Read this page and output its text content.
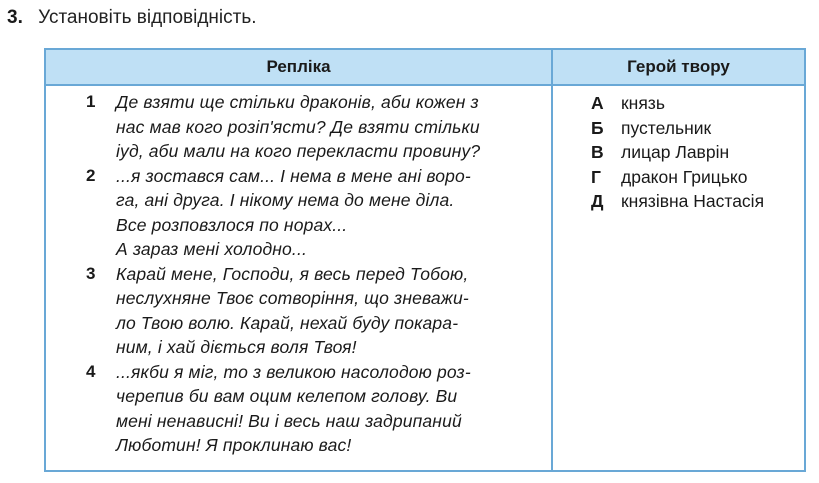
3. Установіть відповідність.
Репліка	Герой твору
1 Де взяти ще стільки драконів, аби кожен з
нас мав кого розіп'ясти? Де взяти стільки
іуд, аби мали на кого перекласти провину?
2 ...я зостався сам... І нема в мене ані воро-
га, ані друга. І нікому нема до мене діла.
Все розповзлося по норах...
А зараз мені холодно...
3 Карай мене, Господи, я весь перед Тобою,
неслухняне Твоє сотворіння, що зневажи-
ло Твою волю. Карай, нехай буду покара-
ним, і хай діється воля Твоя!
4 ...якби я міг, то з великою насолодою роз-
черепив би вам оцим келепом голову. Ви
мені ненависні! Ви і весь наш задрипаний
Люботин! Я проклинаю вас!
А князь
Б пустельник
В лицар Лаврін
Г дракон Грицько
Д князівна Настасія
